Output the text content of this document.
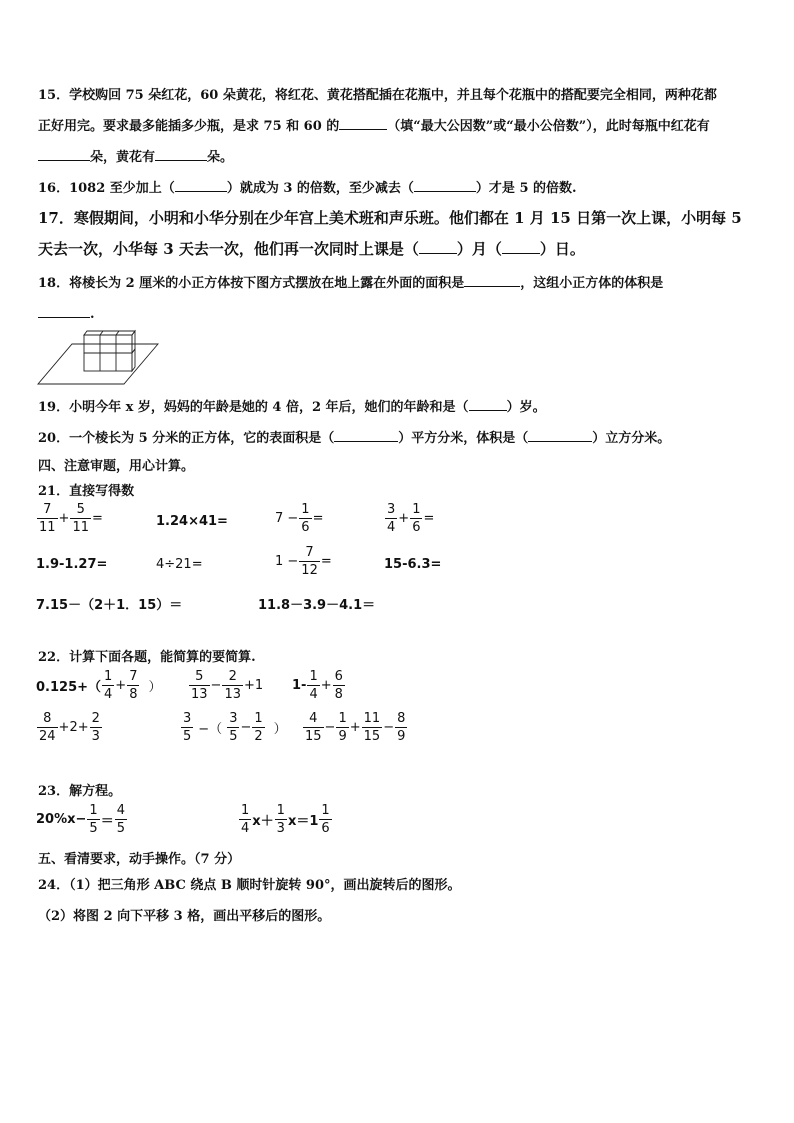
15．学校购回 75 朵红花，60 朵黄花，将红花、黄花搭配插在花瓶中，并且每个花瓶中的搭配要完全相同，两种花都
正好用完。要求最多能插多少瓶，是求 75 和 60 的	（填“最大公因数”或“最小公倍数”），此时每瓶中红花有
朵，黄花有	朵。
16．1082 至少加上（	）就成为 3 的倍数，至少减去（	）才是 5 的倍数.
17．寒假期间，小明和小华分别在少年宫上美术班和声乐班。他们都在 1 月 15 日第一次上课，小明每 5
天去一次，小华每 3 天去一次，他们再一次同时上课是（	）月（	）日。
18．将棱长为 2 厘米的小正方体按下图方式摆放在地上露在外面的面积是	，这组小正方体的体积是
.
19．小明今年 x 岁，妈妈的年龄是她的 4 倍，2 年后，她们的年龄和是（	）岁。
20．一个棱长为 5 分米的正方体，它的表面积是（	）平方分米，体积是（	）立方分米。
四、注意审题，用心计算。
21．直接写得数
$\frac{7}{11} + \frac{5}{11}$ =	1.24×41=	$7 - \frac{1}{6}$ =	$\frac{3}{4} + \frac{1}{6}$ =
1.9-1.27=	4÷21=	$1 - \frac{7}{12}$ =	15-6.3=
7.15－（2＋1．15）＝	11.8－3.9－4.1＝
22．计算下面各题，能简算的要简算.
$0.125+( \frac{1}{4} + \frac{7}{8}$ ） $\frac{5}{13} - \frac{2}{13} +1$ $1- \frac{1}{4} + \frac{6}{8}$
$\frac{8}{24} +2+ \frac{2}{3}$	$\frac{3}{5}$ −（ $\frac{3}{5} - \frac{1}{2}$ ） $\frac{4}{15} - \frac{1}{9} + \frac{11}{15} - \frac{8}{9}$
23．解方程。
$20\%x- \frac{1}{5} = \frac{4}{5}$	$\frac{1}{4} x+ \frac{1}{3} x=1 \frac{1}{6}$
五、看清要求，动手操作。（7 分）
24．（1）把三角形 ABC 绕点 B 顺时针旋转 90°，画出旋转后的图形。
（2）将图 2 向下平移 3 格，画出平移后的图形。
